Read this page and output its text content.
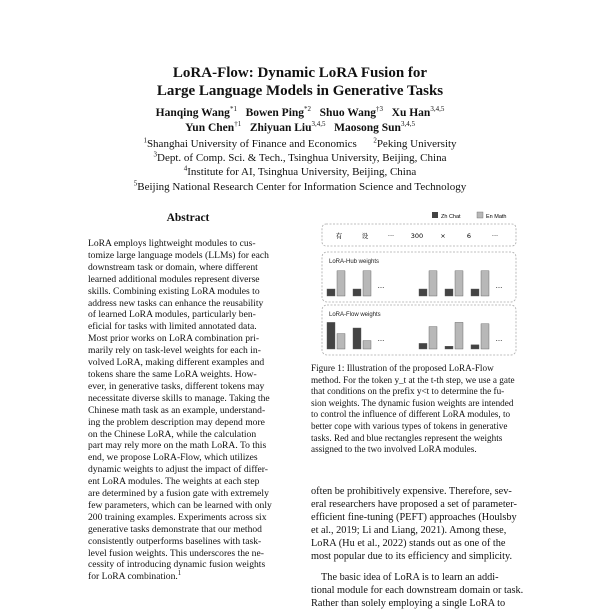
LoRA-Flow: Dynamic LoRA Fusion for
Large Language Models in Generative Tasks
Hanqing Wang$^{*1}$ Bowen Ping$^{*2}$ Shuo Wang$^{\dagger 3}$ Xu Han$^{3,4,5}$
Yun Chen$^{\dagger 1}$ Zhiyuan Liu$^{3,4,5}$ Maosong Sun$^{3,4,5}$
$^1$Shanghai University of Finance and Economics $^2$Peking University
$^3$Dept. of Comp. Sci. & Tech., Tsinghua University, Beijing, China
$^4$Institute for AI, Tsinghua University, Beijing, China
$^5$Beijing National Research Center for Information Science and Technology
Abstract
LoRA employs lightweight modules to cus-
tomize large language models (LLMs) for each
downstream task or domain, where different
learned additional modules represent diverse
skills. Combining existing LoRA modules to
address new tasks can enhance the reusability
of learned LoRA modules, particularly ben-
eficial for tasks with limited annotated data.
Most prior works on LoRA combination pri-
marily rely on task-level weights for each in-
volved LoRA, making different examples and
tokens share the same LoRA weights. How-
ever, in generative tasks, different tokens may
necessitate diverse skills to manage. Taking the
Chinese math task as an example, understand-
ing the problem description may depend more
on the Chinese LoRA, while the calculation
part may rely more on the math LoRA. To this
end, we propose LoRA-Flow, which utilizes
dynamic weights to adjust the impact of differ-
ent LoRA modules. The weights at each step
are determined by a fusion gate with extremely
few parameters, which can be learned with only
200 training examples. Experiments across six
generative tasks demonstrate that our method
consistently outperforms baselines with task-
level fusion weights. This underscores the ne-
cessity of introducing dynamic fusion weights
for LoRA combination.$^1$
Zh Chat	En Math
有	设	···	300	×	6	···
LoRA-Hub weights
···	···
LoRA-Flow weights
···	···
Figure 1: Illustration of the proposed LoRA-Flow
method. For the token y_t at the t-th step, we use a gate
that conditions on the prefix y<t to determine the fu-
sion weights. The dynamic fusion weights are intended
to control the influence of different LoRA modules, to
better cope with various types of tokens in generative
tasks. Red and blue rectangles represent the weights
assigned to the two involved LoRA modules.
often be prohibitively expensive. Therefore, sev-
eral researchers have proposed a set of parameter-
efficient fine-tuning (PEFT) approaches (Houlsby
et al., 2019; Li and Liang, 2021). Among these,
LoRA (Hu et al., 2022) stands out as one of the
most popular due to its efficiency and simplicity.
The basic idea of LoRA is to learn an addi-
tional module for each downstream domain or task.
Rather than solely employing a single LoRA to
